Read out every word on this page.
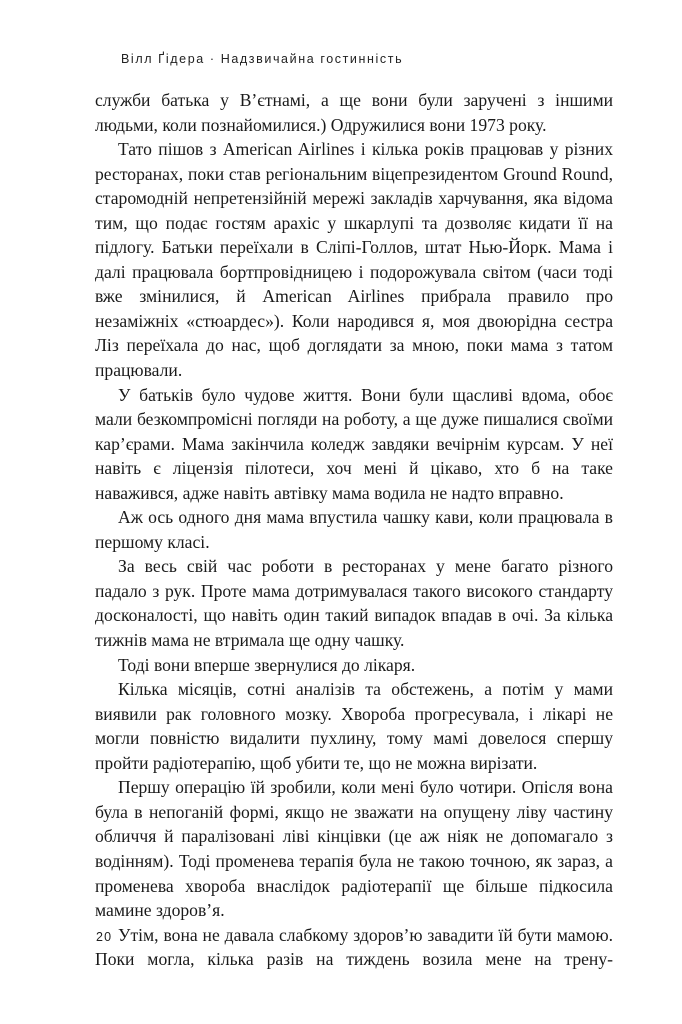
Вілл Ґідера · Надзвичайна гостинність

служби батька у В’єтнамі, а ще вони були заручені з іншими людьми, коли познайомилися.) Одружилися вони 1973 року.

Тато пішов з American Airlines і кілька років працював у різних ресторанах, поки став регіональним віцепрезидентом Ground Round, старомодній непретензійній мережі закладів харчування, яка відома тим, що подає гостям арахіс у шкарлупі та дозволяє кидати її на підлогу. Батьки переїхали в Сліпі-Голлов, штат Нью-Йорк. Мама і далі працювала бортпровідницею і подорожувала світом (часи тоді вже змінилися, й American Airlines прибрала правило про незаміжніх «стюардес»). Коли народився я, моя двоюрідна сестра Ліз переїхала до нас, щоб доглядати за мною, поки мама з татом працювали.

У батьків було чудове життя. Вони були щасливі вдома, обоє мали безкомпромісні погляди на роботу, а ще дуже пишалися своїми кар’єрами. Мама закінчила коледж завдяки вечірнім курсам. У неї навіть є ліцензія пілотеси, хоч мені й цікаво, хто б на таке наважився, адже навіть автівку мама водила не надто вправно.

Аж ось одного дня мама впустила чашку кави, коли працювала в першому класі.

За весь свій час роботи в ресторанах у мене багато різного падало з рук. Проте мама дотримувалася такого високого стандарту досконалості, що навіть один такий випадок впадав в очі. За кілька тижнів мама не втримала ще одну чашку.

Тоді вони вперше звернулися до лікаря.

Кілька місяців, сотні аналізів та обстежень, а потім у мами виявили рак головного мозку. Хвороба прогресувала, і лікарі не могли повністю видалити пухлину, тому мамі довелося спершу пройти радіотерапію, щоб убити те, що не можна вирізати.

Першу операцію їй зробили, коли мені було чотири. Опісля вона була в непоганій формі, якщо не зважати на опущену ліву частину обличчя й паралізовані ліві кінцівки (це аж ніяк не допомагало з водінням). Тоді променева терапія була не такою точною, як зараз, а променева хвороба внаслідок радіотерапії ще більше підкосила мамине здоров’я.

Утім, вона не давала слабкому здоров’ю завадити їй бути мамою. Поки могла, кілька разів на тиждень возила мене на трену-

20
